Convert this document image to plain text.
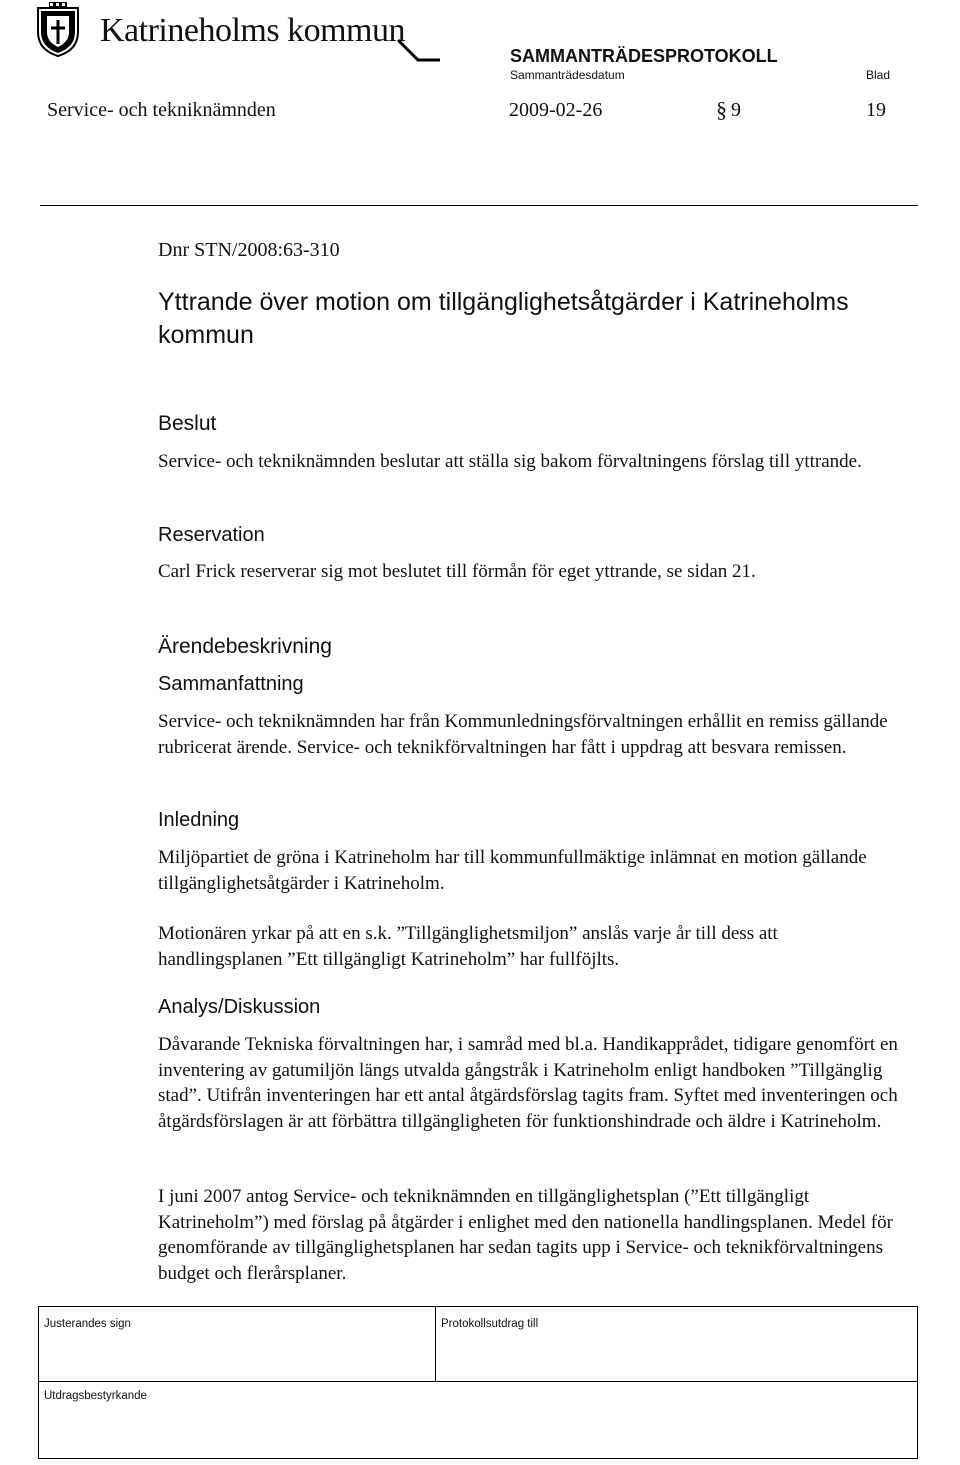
Katrineholms kommun
SAMMANTRÄDESPROTOKOLL
Sammanträdesdatum	Blad
Service- och tekniknämnden	2009-02-26	§ 9	19
Dnr STN/2008:63-310
Yttrande över motion om tillgänglighetsåtgärder i Katrineholms kommun
Beslut
Service- och tekniknämnden beslutar att ställa sig bakom förvaltningens förslag till yttrande.
Reservation
Carl Frick reserverar sig mot beslutet till förmån för eget yttrande, se sidan 21.
Ärendebeskrivning
Sammanfattning
Service- och tekniknämnden har från Kommunledningsförvaltningen erhållit en remiss gällande rubricerat ärende. Service- och teknikförvaltningen har fått i uppdrag att besvara remissen.
Inledning
Miljöpartiet de gröna i Katrineholm har till kommunfullmäktige inlämnat en motion gällande tillgänglighetsåtgärder i Katrineholm.
Motionären yrkar på att en s.k. ”Tillgänglighetsmiljon” anslås varje år till dess att handlingsplanen ”Ett tillgängligt Katrineholm” har fullföjlts.
Analys/Diskussion
Dåvarande Tekniska förvaltningen har, i samråd med bl.a. Handikapprådet, tidigare genomfört en inventering av gatumiljön längs utvalda gångstråk i Katrineholm enligt handboken ”Tillgänglig stad”. Utifrån inventeringen har ett antal åtgärdsförslag tagits fram. Syftet med inventeringen och åtgärdsförslagen är att förbättra tillgängligheten för funktionshindrade och äldre i Katrineholm.
I juni 2007 antog Service- och tekniknämnden en tillgänglighetsplan (”Ett tillgängligt Katrineholm”) med förslag på åtgärder i enlighet med den nationella handlingsplanen. Medel för genomförande av tillgänglighetsplanen har sedan tagits upp i Service- och teknikförvaltningens budget och flerårsplaner.
Justerandes sign	Protokollsutdrag till
Utdragsbestyrkande
